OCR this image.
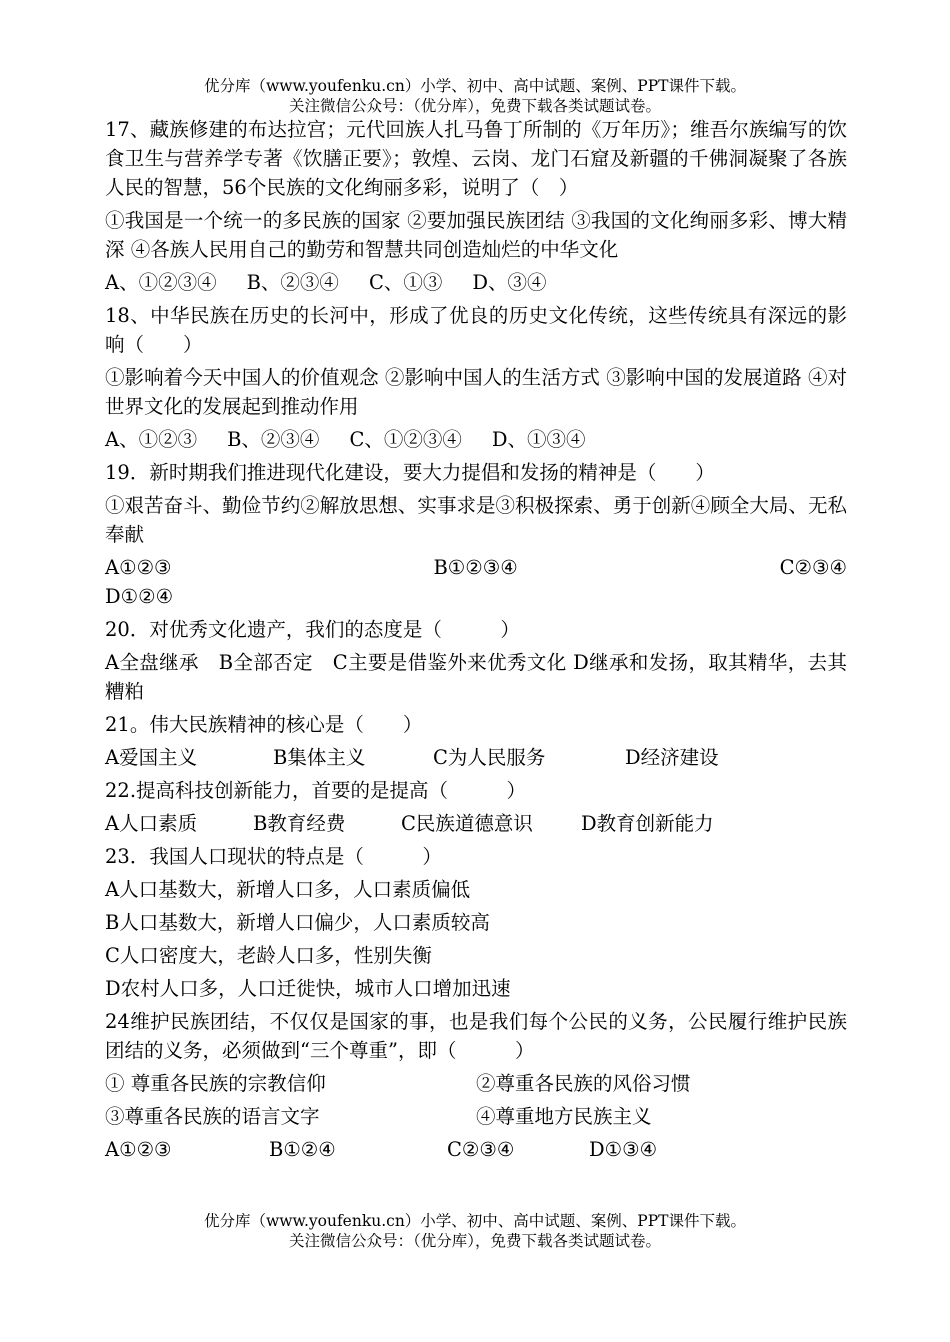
优分库（www.youfenku.cn）小学、初中、高中试题、案例、PPT课件下载。
关注微信公众号：（优分库），免费下载各类试题试卷。

17、藏族修建的布达拉宫；元代回族人扎马鲁丁所制的《万年历》；维吾尔族编写的饮食卫生与营养学专著《饮膳正要》；敦煌、云岗、龙门石窟及新疆的千佛洞凝聚了各族人民的智慧，56个民族的文化绚丽多彩，说明了（　）

①我国是一个统一的多民族的国家 ②要加强民族团结 ③我国的文化绚丽多彩、博大精深 ④各族人民用自己的勤劳和智慧共同创造灿烂的中华文化

A、①②③④ B、②③④ C、①③ D、③④

18、中华民族在历史的长河中，形成了优良的历史文化传统，这些传统具有深远的影响（　　）

①影响着今天中国人的价值观念 ②影响中国人的生活方式 ③影响中国的发展道路 ④对世界文化的发展起到推动作用

A、①②③ B、②③④ C、①②③④ D、①③④

19．新时期我们推进现代化建设，要大力提倡和发扬的精神是（　　）

①艰苦奋斗、勤俭节约②解放思想、实事求是③积极探索、勇于创新④顾全大局、无私奉献

A①②③	B①②③④	C②③④

D①②④

20．对优秀文化遗产，我们的态度是（　　　）

A全盘继承　B全部否定　C主要是借鉴外来优秀文化 D继承和发扬，取其精华，去其糟粕

21。伟大民族精神的核心是（　　）

A爱国主义	B集体主义	C为人民服务	D经济建设

22.提高科技创新能力，首要的是提高（　　　）

A人口素质	B教育经费	C民族道德意识	D教育创新能力

23．我国人口现状的特点是（　　　）

A人口基数大，新增人口多，人口素质偏低

B人口基数大，新增人口偏少，人口素质较高

C人口密度大，老龄人口多，性别失衡

D农村人口多，人口迁徙快，城市人口增加迅速

24维护民族团结，不仅仅是国家的事，也是我们每个公民的义务，公民履行维护民族团结的义务，必须做到“三个尊重”，即（　　　）

① 尊重各民族的宗教信仰	②尊重各民族的风俗习惯

③尊重各民族的语言文字	④尊重地方民族主义

A①②③	B①②④	C②③④	D①③④

优分库（www.youfenku.cn）小学、初中、高中试题、案例、PPT课件下载。
关注微信公众号：（优分库），免费下载各类试题试卷。
